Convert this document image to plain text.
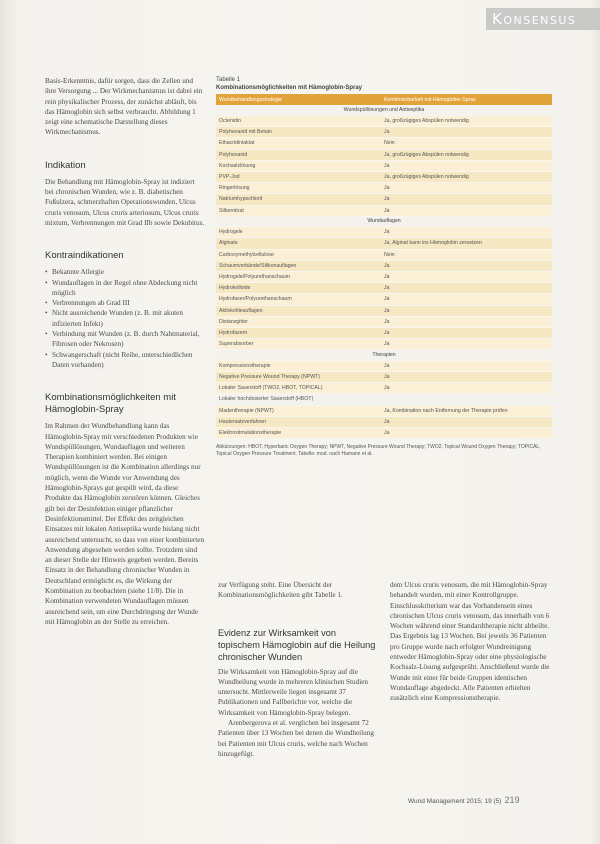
KONSENSUS

Basis-Erkenntnis, dafür sorgen, dass die Zellen und ihre Versorgung ... Der Wirkmechanismus ist dabei ein rein physikalischer Prozess, der zunächst abläuft, bis das Hämoglobin sich selbst verbraucht. Abbildung 1 zeigt eine schematische Darstellung dieses Wirkmechanismus.

Indikation

Die Behandlung mit Hämoglobin-Spray ist indiziert bei chronischen Wunden, wie z. B. diabetischen Fußulzera, schmerzhaften Operationswunden, Ulcus cruris venosum, Ulcus cruris arteriosum, Ulcus cruris mixtum, Verbrennungen mit Grad IIb sowie Dekubitus.

Kontraindikationen
• Bekannte Allergie
• Wundauflagen in der Regel ohne Abdeckung nicht möglich
• Verbrennungen ab Grad III
• Nicht ausreichende Wunden (z. B. mit akuten infizierten Infekt)
• Verbindung mit Wunden (z. B. durch Nahtmaterial, Fibrosen oder Nekrosen)
• Schwangerschaft (nicht Reihe, unterschiedlichen Daten vorhanden)
Kombinationsmöglichkeiten mit Hämoglobin-Spray

Im Rahmen der Wundbehandlung kann das Hämoglobin-Spray mit verschiedenen Produkten wie Wundspüllösungen, Wundauflagen und weiteren Therapien kombiniert werden. Bei einigen Wundspüllösungen ist die Kombination allerdings nur möglich, wenn die Wunde vor Anwendung des Hämoglobin-Sprays gut gespült wird, da diese Produkte das Hämoglobin zerstören können. Gleiches gilt bei der Desinfektion einiger pflanzlicher Desinfektionsmittel. Der Effekt des zeitgleichen Einsatzes mit lokalen Antiseptika wurde bislang nicht ausreichend untersucht, so dass von einer kombinierten Anwendung abgesehen werden sollte. Trotzdem sind an dieser Stelle der Hinweis gegeben werden. Bereits Einsatz in der Behandlung chronischer Wunden in Deutschland ermöglicht es, die Wirkung der Kombination zu beobachten (siehe 11/8). Die in Kombination verwendeten Wundauflagen müssen ausreichend sein, um eine Durchdringung der Wunde mit Hämoglobin an der Stelle zu erreichen.

Tabelle 1
Kombinationsmöglichkeiten mit Hämoglobin-Spray
Wundbehandlungsstrategie	Kombinierbarkeit mit Hämoglobin-Spray
Wundspüllösungen und Antiseptika	
Octenidin	Ja, großzügiges Abspülen notwendig
Polyhexanid mit Betain	Ja
Ethacridinlaktat	Nein
Polyhexanid	Ja, großzügiges Abspülen notwendig
Kochsalzlösung	Ja
PVP-Jod	Ja, großzügiges Abspülen notwendig
Ringerlösung	Ja
Natriumhypochlorit	Ja
Silbernitrat	Ja
Wundauflagen	
Hydrogele	Ja
Alginate	Ja, Alginat kann ins Hämoglobin zersetzen
Carboxymethylcellulose	Nein
Schaumverbände/Silikonauflagen	Ja
Hydrogele/Polyurethanschaum	Ja
Hydrokolloide	Ja
Hydrofaser/Polyurethanschaum	Ja
Aktivkohleauflagen	Ja
Distanzgitter	Ja
Hydrofasern	Ja
Superabsorber	Ja
Therapien	
Kompressionstherapie	Ja
Negative Pressure Wound Therapy (NPWT)	Ja
Lokaler Sauerstoff (TWO2, HBOT, TOPICAL)	Ja
Lokaler hochdosierter Sauerstoff (HBOT)	
Madentherapie (NPWT)	Ja, Kombination nach Entfernung der Therapie prüfen
Hautersatzverfahren	Ja
Elektrostimulationstherapie	Ja
Abkürzungen: HBOT, Hyperbaric Oxygen Therapy; NPWT, Negative Pressure Wound Therapy; TWO2, Topical Wound Oxygen Therapy; TOPICAL, Topical Oxygen Pressure Treatment. Tabelle: mod. nach Hamann et al.

zur Verfügung steht. Eine Übersicht der Kombinationsmöglichkeiten gibt Tabelle 1.

Evidenz zur Wirksamkeit von topischem Hämoglobin auf die Heilung chronischer Wunden

Die Wirksamkeit von Hämoglobin-Spray auf die Wundheilung wurde in mehreren klinischen Studien untersucht. Mittlerweile liegen insgesamt 37 Publikationen und Fallberichte vor, welche die Wirksamkeit von Hämoglobin-Spray belegen.

Arenbergerova et al. verglichen bei insgesamt 72 Patienten über 13 Wochen bei denen die Wundheilung bei Patienten mit Ulcus cruris, welche nach Wochen hinzugefügt.

dem Ulcus cruris venosum, die mit Hämoglobin-Spray behandelt wurden, mit einer Kontrollgruppe. Einschlusskriterium war das Vorhandensein eines chronischen Ulcus cruris venosum, das innerhalb von 6 Wochen während einer Standardtherapie nicht abheilte. Das Ergebnis lag 13 Wochen. Bei jeweils 36 Patienten pro Gruppe wurde nach erfolgter Wundreinigung entweder Hämoglobin-Spray oder eine physiologische Kochsalz-Lösung aufgesprüht. Anschließend wurde die Wunde mit einer für beide Gruppen identischen Wundauflage abgedeckt. Alle Patienten erhielten zusätzlich eine Kompressionstherapie.

Wund Management 2015; 19 (5) 219
